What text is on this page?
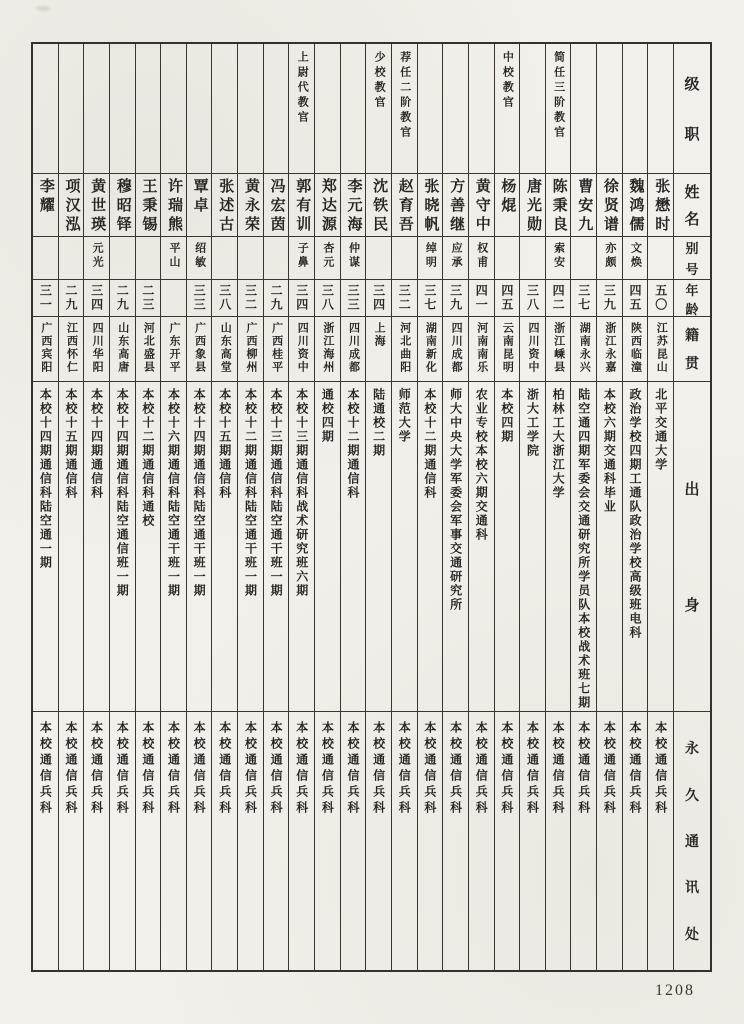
李耀
三一
广西宾阳
本校十四期通信科陆空通一期
本校通信兵科
项汉泓
二九
江西怀仁
本校十五期通信科
本校通信兵科
黄世瑛
元光
三四
四川华阳
本校十四期通信科
本校通信兵科
穆昭铎
二九
山东高唐
本校十四期通信科陆空通信班一期
本校通信兵科
王秉锡
二三
河北盛县
本校十二期通信科通校
本校通信兵科
许瑞熊
平山
广东开平
本校十六期通信科陆空通干班一期
本校通信兵科
覃卓
绍敏
三三
广西象县
本校十四期通信科陆空通干班一期
本校通信兵科
张述古
三八
山东高堂
本校十五期通信科
本校通信兵科
黄永荣
三二
广西柳州
本校十二期通信科陆空通干班一期
本校通信兵科
冯宏茵
二九
广西桂平
本校十三期通信科陆空通干班一期
本校通信兵科
上尉代教官
郭有训
子鼻
三四
四川资中
本校十三期通信科战术研究班六期
本校通信兵科
郑达源
杏元
三八
浙江海州
通校四期
本校通信兵科
李元海
仲谋
三三
四川成都
本校十二期通信科
本校通信兵科
少校教官
沈铁民
三四
上海
陆通校二期
本校通信兵科
荐任二阶教官
赵育吾
三二
河北曲阳
师范大学
本校通信兵科
张晓帆
绰明
三七
湖南新化
本校十二期通信科
本校通信兵科
方善继
应承
三九
四川成都
师大中央大学军委会军事交通研究所
本校通信兵科
黄守中
权甫
四一
河南南乐
农业专校本校六期交通科
本校通信兵科
中校教官
杨焜
四五
云南昆明
本校四期
本校通信兵科
唐光勋
三八
四川资中
浙大工学院
本校通信兵科
简任三阶教官
陈秉良
索安
四二
浙江嵊县
柏林工大浙江大学
本校通信兵科
曹安九
三七
湖南永兴
陆空通四期军委会交通研究所学员队本校战术班七期
本校通信兵科
徐贤谱
亦颇
三九
浙江永嘉
本校六期交通科毕业
本校通信兵科
魏鸿儒
文焕
四五
陕西临潼
政治学校四期工通队政治学校高级班电科
本校通信兵科
张懋时
五〇
江苏昆山
北平交通大学
本校通信兵科
级
职
姓
名
别
号
年
龄
籍
贯
出
身
永
久
通
讯
处
1208
